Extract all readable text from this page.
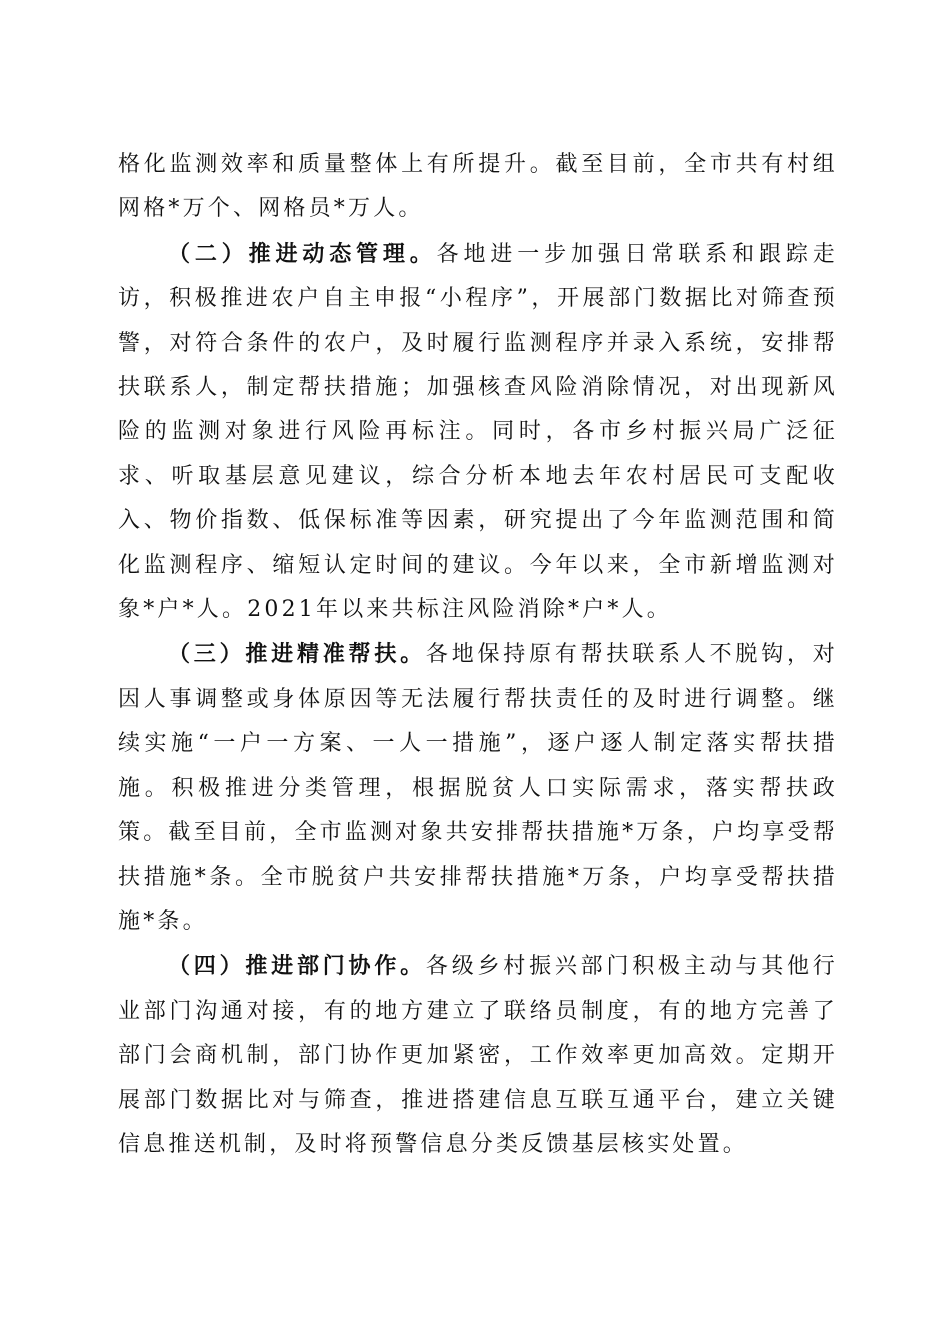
格化监测效率和质量整体上有所提升。截至目前，全市共有村组网格*万个、网格员*万人。

（二）推进动态管理。各地进一步加强日常联系和跟踪走访，积极推进农户自主申报“小程序”，开展部门数据比对筛查预警，对符合条件的农户，及时履行监测程序并录入系统，安排帮扶联系人，制定帮扶措施；加强核查风险消除情况，对出现新风险的监测对象进行风险再标注。同时，各市乡村振兴局广泛征求、听取基层意见建议，综合分析本地去年农村居民可支配收入、物价指数、低保标准等因素，研究提出了今年监测范围和简化监测程序、缩短认定时间的建议。今年以来，全市新增监测对象*户*人。2021年以来共标注风险消除*户*人。

（三）推进精准帮扶。各地保持原有帮扶联系人不脱钩，对因人事调整或身体原因等无法履行帮扶责任的及时进行调整。继续实施“一户一方案、一人一措施”，逐户逐人制定落实帮扶措施。积极推进分类管理，根据脱贫人口实际需求，落实帮扶政策。截至目前，全市监测对象共安排帮扶措施*万条，户均享受帮扶措施*条。全市脱贫户共安排帮扶措施*万条，户均享受帮扶措施*条。

（四）推进部门协作。各级乡村振兴部门积极主动与其他行业部门沟通对接，有的地方建立了联络员制度，有的地方完善了部门会商机制，部门协作更加紧密，工作效率更加高效。定期开展部门数据比对与筛查，推进搭建信息互联互通平台，建立关键信息推送机制，及时将预警信息分类反馈基层核实处置。
